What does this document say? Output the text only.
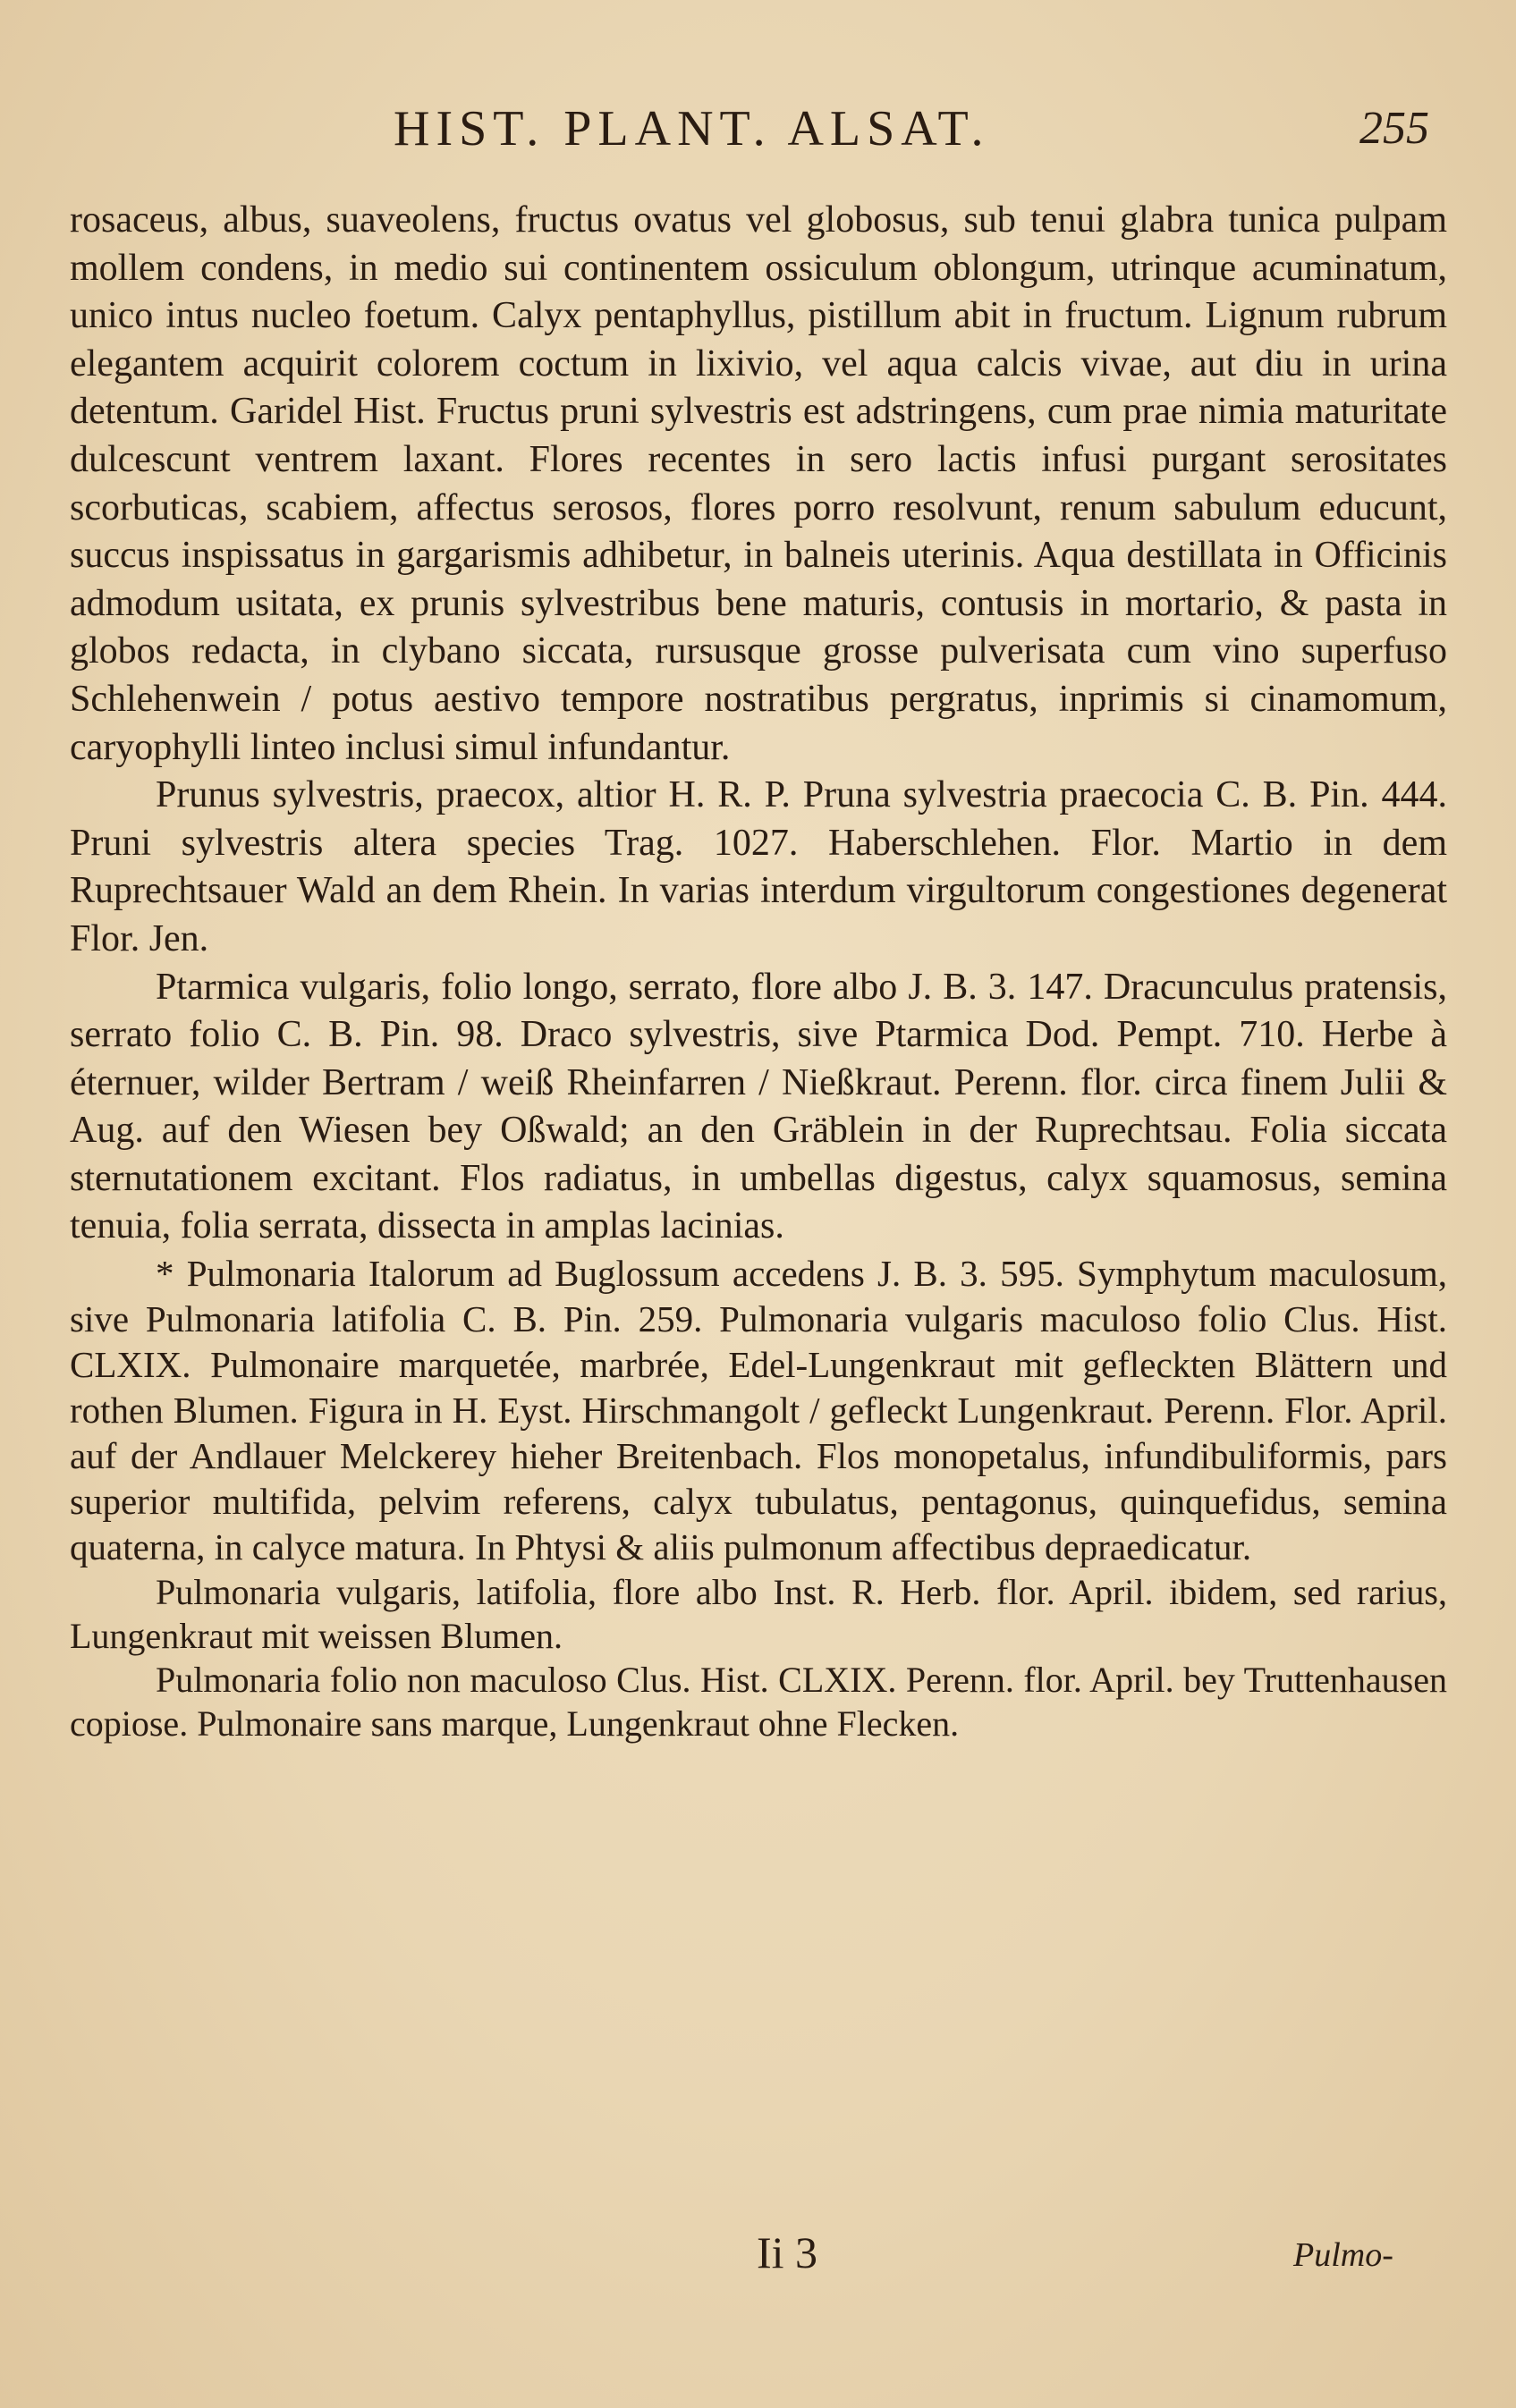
HIST. PLANT. ALSAT.	255

rosaceus, albus, suaveolens, fructus ovatus vel globosus, sub tenui glabra tunica pulpam mollem condens, in medio sui continentem ossiculum oblongum, utrinque acuminatum, unico intus nucleo foetum. Calyx pentaphyllus, pistillum abit in fructum. Lignum rubrum elegantem acquirit colorem coctum in lixivio, vel aqua calcis vivae, aut diu in urina detentum. Garidel Hist. Fructus pruni sylvestris est adstringens, cum prae nimia maturitate dulcescunt ventrem laxant. Flores recentes in sero lactis infusi purgant serositates scorbuticas, scabiem, affectus serosos, flores porro resolvunt, renum sabulum educunt, succus inspissatus in gargarismis adhibetur, in balneis uterinis. Aqua destillata in Officinis admodum usitata, ex prunis sylvestribus bene maturis, contusis in mortario, & pasta in globos redacta, in clybano siccata, rursusque grosse pulverisata cum vino superfuso Schlehenwein / potus aestivo tempore nostratibus pergratus, inprimis si cinamomum, caryophylli linteo inclusi simul infundantur.

Prunus sylvestris, praecox, altior H. R. P. Pruna sylvestria praecocia C. B. Pin. 444. Pruni sylvestris altera species Trag. 1027. Haberschlehen. Flor. Martio in dem Ruprechtsauer Wald an dem Rhein. In varias interdum virgultorum congestiones degenerat Flor. Jen.

Ptarmica vulgaris, folio longo, serrato, flore albo J. B. 3. 147. Dracunculus pratensis, serrato folio C. B. Pin. 98. Draco sylvestris, sive Ptarmica Dod. Pempt. 710. Herbe à éternuer, wilder Bertram / weiß Rheinfarren / Nießkraut. Perenn. flor. circa finem Julii & Aug. auf den Wiesen bey Oßwald; an den Gräblein in der Ruprechtsau. Folia siccata sternutationem excitant. Flos radiatus, in umbellas digestus, calyx squamosus, semina tenuia, folia serrata, dissecta in amplas lacinias.

* Pulmonaria Italorum ad Buglossum accedens J. B. 3. 595. Symphytum maculosum, sive Pulmonaria latifolia C. B. Pin. 259. Pulmonaria vulgaris maculoso folio Clus. Hist. CLXIX. Pulmonaire marquetée, marbrée, Edel-Lungenkraut mit gefleckten Blättern und rothen Blumen. Figura in H. Eyst. Hirschmangolt / gefleckt Lungenkraut. Perenn. Flor. April. auf der Andlauer Melckerey hieher Breitenbach. Flos monopetalus, infundibuliformis, pars superior multifida, pelvim referens, calyx tubulatus, pentagonus, quinquefidus, semina quaterna, in calyce matura. In Phtysi & aliis pulmonum affectibus depraedicatur.

Pulmonaria vulgaris, latifolia, flore albo Inst. R. Herb. flor. April. ibidem, sed rarius, Lungenkraut mit weissen Blumen.

Pulmonaria folio non maculoso Clus. Hist. CLXIX. Perenn. flor. April. bey Truttenhausen copiose. Pulmonaire sans marque, Lungenkraut ohne Flecken.

Ii 3	Pulmo-
